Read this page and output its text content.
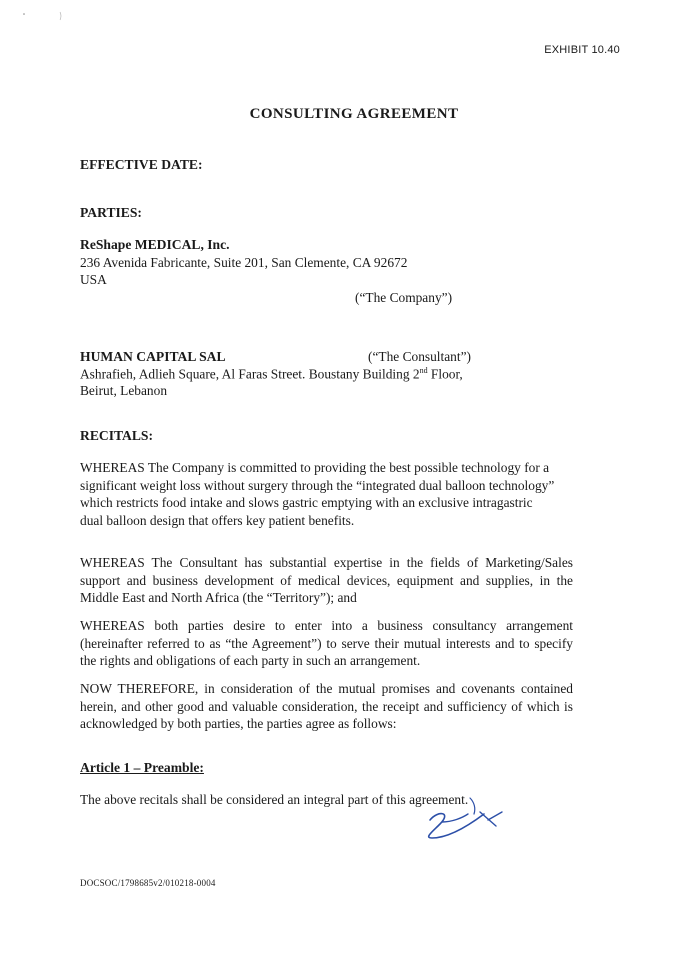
EXHIBIT 10.40
CONSULTING AGREEMENT
EFFECTIVE DATE:
PARTIES:
ReShape MEDICAL, Inc.
236 Avenida Fabricante, Suite 201, San Clemente, CA 92672
USA
(“The Company”)
HUMAN CAPITAL SAL	(“The Consultant”)
Ashrafieh, Adlieh Square, Al Faras Street. Boustany Building 2nd Floor,
Beirut, Lebanon
RECITALS:
WHEREAS The Company is committed to providing the best possible technology for a
significant weight loss without surgery through the “integrated dual balloon technology”
which restricts food intake and slows gastric emptying with an exclusive intragastric
dual balloon design that offers key patient benefits.
WHEREAS The Consultant has substantial expertise in the fields of Marketing/Sales
support and business development of medical devices, equipment and supplies, in the
Middle East and North Africa (the “Territory”); and
WHEREAS both parties desire to enter into a business consultancy arrangement
(hereinafter referred to as “the Agreement”) to serve their mutual interests and to specify
the rights and obligations of each party in such an arrangement.
NOW THEREFORE, in consideration of the mutual promises and covenants contained
herein, and other good and valuable consideration, the receipt and sufficiency of which is
acknowledged by both parties, the parties agree as follows:
Article 1 – Preamble:
The above recitals shall be considered an integral part of this agreement.
DOCSOC/1798685v2/010218-0004
